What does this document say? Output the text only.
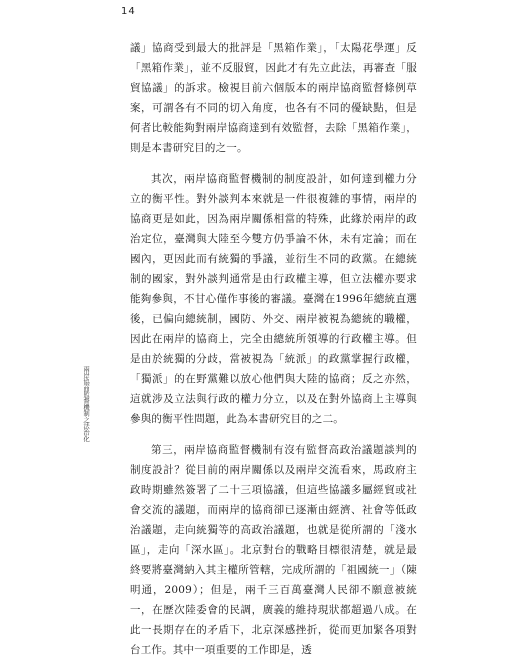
14
兩岸協商監督機制之法治化

議」協商受到最大的批評是「黑箱作業」，「太陽花學運」反「黑箱作業」，並不反服貿，因此才有先立此法，再審查「服貿協議」的訴求。檢視目前六個版本的兩岸協商監督條例草案，可謂各有不同的切入角度，也各有不同的優缺點，但是何者比較能夠對兩岸協商達到有效監督，去除「黑箱作業」，則是本書研究目的之一。

其次，兩岸協商監督機制的制度設計，如何達到權力分立的衡平性。對外談判本來就是一件很複雜的事情，兩岸的協商更是如此，因為兩岸關係相當的特殊，此緣於兩岸的政治定位，臺灣與大陸至今雙方仍爭論不休，未有定論；而在國內，更因此而有統獨的爭議，並衍生不同的政黨。在總統制的國家，對外談判通常是由行政權主導，但立法權亦要求能夠參與，不甘心僅作事後的審議。臺灣在1996年總統直選後，已偏向總統制，國防、外交、兩岸被視為總統的職權，因此在兩岸的協商上，完全由總統所領導的行政權主導。但是由於統獨的分歧，當被視為「統派」的政黨掌握行政權，「獨派」的在野黨難以放心他們與大陸的協商；反之亦然，這就涉及立法與行政的權力分立，以及在對外協商上主導與參與的衡平性問題，此為本書研究目的之二。

第三，兩岸協商監督機制有沒有監督高政治議題談判的制度設計？從目前的兩岸關係以及兩岸交流看來，馬政府主政時期雖然簽署了二十三項協議，但這些協議多屬經貿或社會交流的議題，而兩岸的協商卻已逐漸由經濟、社會等低政治議題，走向統獨等的高政治議題，也就是從所謂的「淺水區」，走向「深水區」。北京對台的戰略目標很清楚，就是最終要將臺灣納入其主權所管轄，完成所謂的「祖國統一」（陳明通，2009）；但是，兩千三百萬臺灣人民卻不願意被統一，在歷次陸委會的民調，廣義的維持現狀都超過八成。在此一長期存在的矛盾下，北京深感挫折，從而更加緊各項對台工作。其中一項重要的工作即是，透
